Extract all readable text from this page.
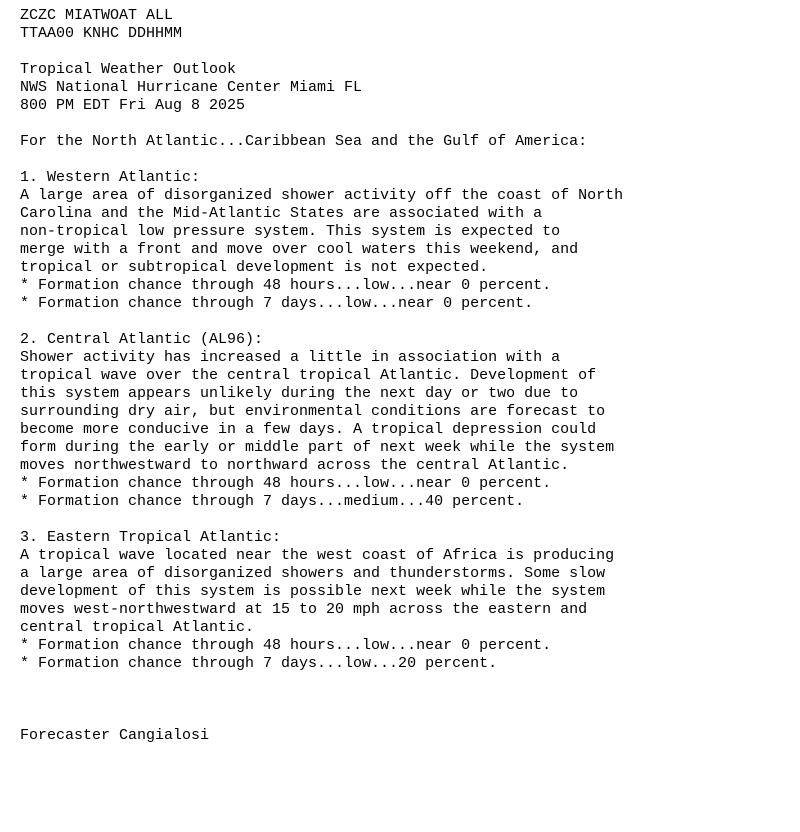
ZCZC MIATWOAT ALL
TTAA00 KNHC DDHHMM
Tropical Weather Outlook
NWS National Hurricane Center Miami FL
800 PM EDT Fri Aug 8 2025
For the North Atlantic...Caribbean Sea and the Gulf of America:
1. Western Atlantic:
A large area of disorganized shower activity off the coast of North
Carolina and the Mid-Atlantic States are associated with a
non-tropical low pressure system. This system is expected to
merge with a front and move over cool waters this weekend, and
tropical or subtropical development is not expected.
* Formation chance through 48 hours...low...near 0 percent.
* Formation chance through 7 days...low...near 0 percent.
2. Central Atlantic (AL96):
Shower activity has increased a little in association with a
tropical wave over the central tropical Atlantic. Development of
this system appears unlikely during the next day or two due to
surrounding dry air, but environmental conditions are forecast to
become more conducive in a few days. A tropical depression could
form during the early or middle part of next week while the system
moves northwestward to northward across the central Atlantic.
* Formation chance through 48 hours...low...near 0 percent.
* Formation chance through 7 days...medium...40 percent.
3. Eastern Tropical Atlantic:
A tropical wave located near the west coast of Africa is producing
a large area of disorganized showers and thunderstorms. Some slow
development of this system is possible next week while the system
moves west-northwestward at 15 to 20 mph across the eastern and
central tropical Atlantic.
* Formation chance through 48 hours...low...near 0 percent.
* Formation chance through 7 days...low...20 percent.
Forecaster Cangialosi
